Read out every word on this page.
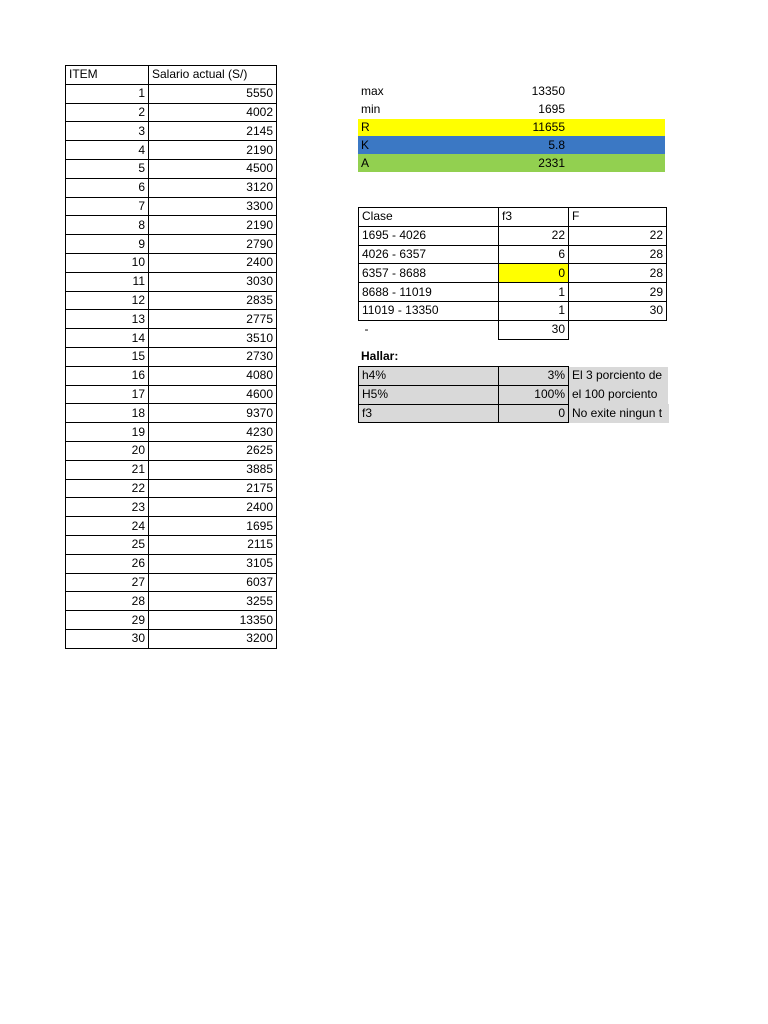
ITEM	Salario actual (S/)
1	5550
2	4002
3	2145
4	2190
5	4500
6	3120
7	3300
8	2190
9	2790
10	2400
11	3030
12	2835
13	2775
14	3510
15	2730
16	4080
17	4600
18	9370
19	4230
20	2625
21	3885
22	2175
23	2400
24	1695
25	2115
26	3105
27	6037
28	3255
29	13350
30	3200
max	13350
min	1695
R	11655
K	5.8
A	2331
Clase	f3	F
1695 - 4026	22	22
4026 - 6357	6	28
6357 - 8688	0	28
8688 - 11019	1	29
11019 - 13350	1	30
-	30	
Hallar:
h4%	3%	El 3 porciento de
H5%	100%	el 100 porciento
f3	0	No exite ningun t
